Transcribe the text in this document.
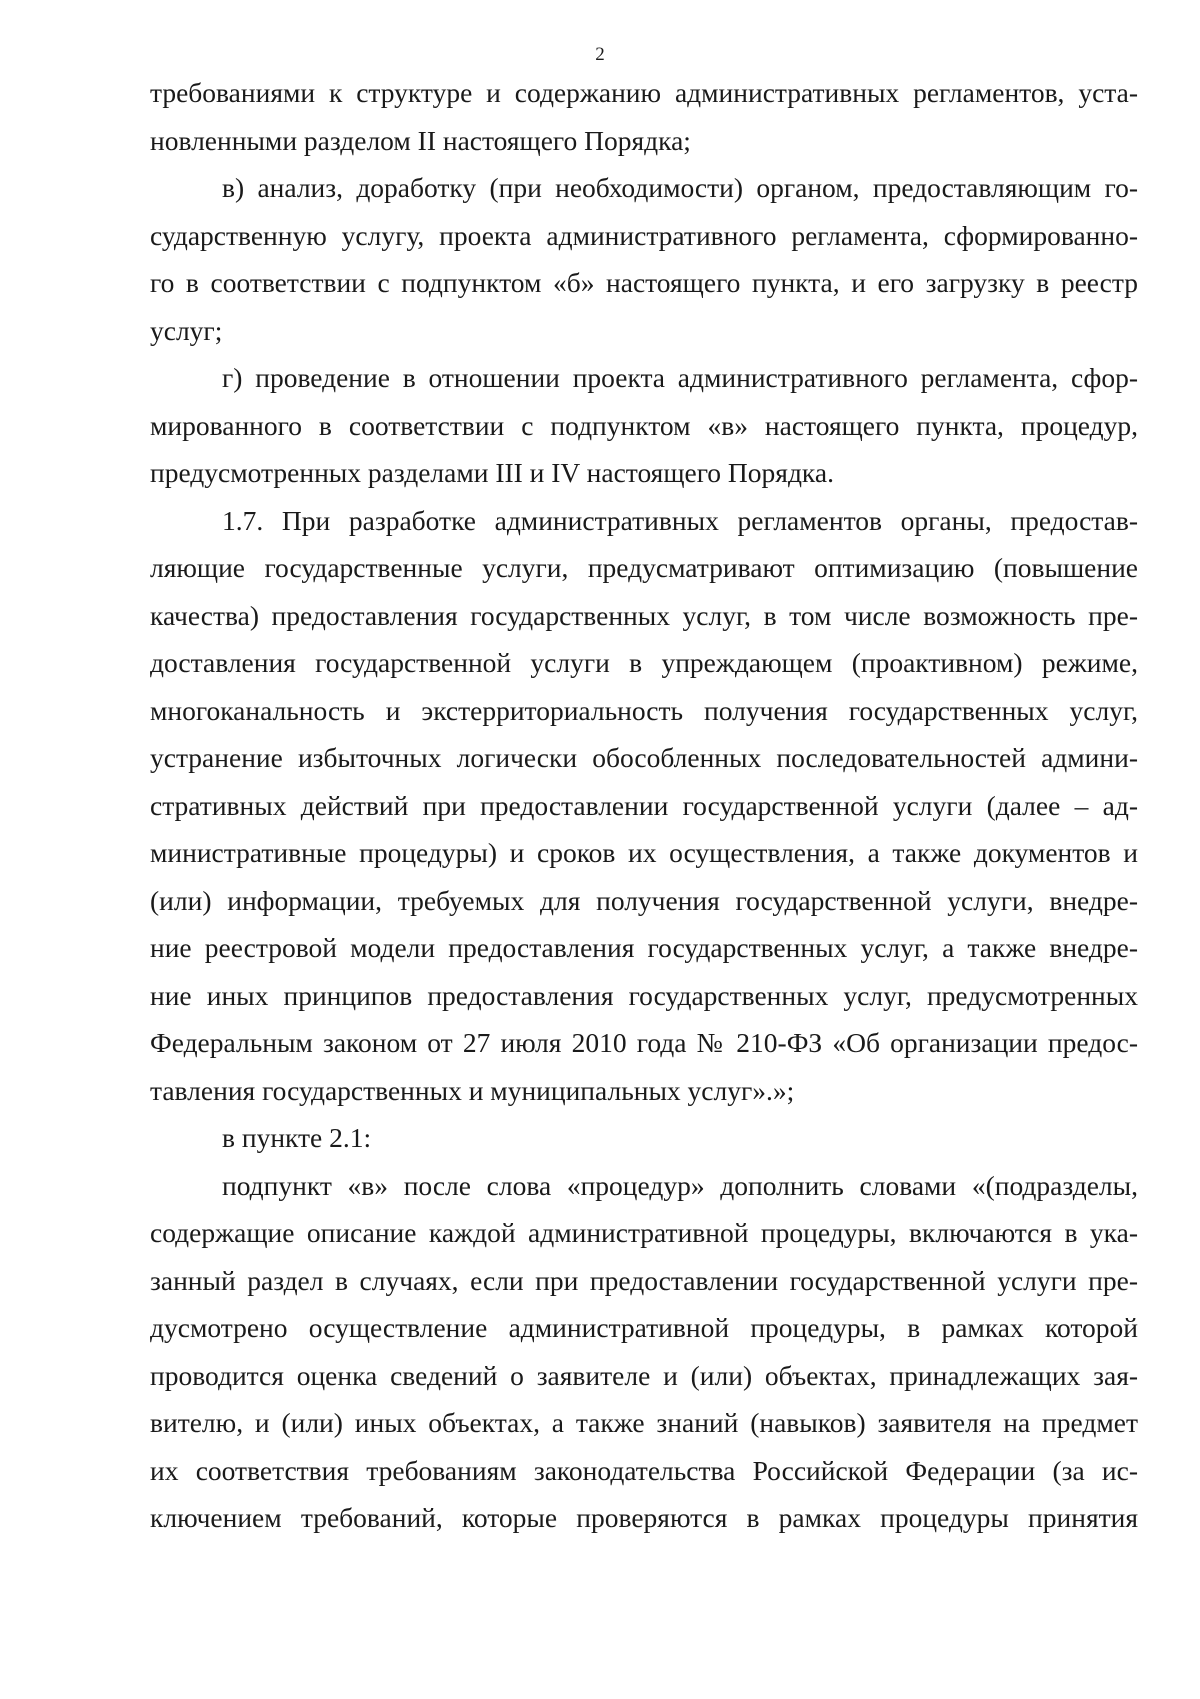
2

требованиями к структуре и содержанию административных регламентов, уста-
новленными разделом II настоящего Порядка;

в) анализ, доработку (при необходимости) органом, предоставляющим го-
сударственную услугу, проекта административного регламента, сформированно-
го в соответствии с подпунктом «б» настоящего пункта, и его загрузку в реестр
услуг;

г) проведение в отношении проекта административного регламента, сфор-
мированного в соответствии с подпунктом «в» настоящего пункта, процедур,
предусмотренных разделами III и IV настоящего Порядка.

1.7. При разработке административных регламентов органы, предостав-
ляющие государственные услуги, предусматривают оптимизацию (повышение
качества) предоставления государственных услуг, в том числе возможность пре-
доставления государственной услуги в упреждающем (проактивном) режиме,
многоканальность и экстерриториальность получения государственных услуг,
устранение избыточных логически обособленных последовательностей админи-
стративных действий при предоставлении государственной услуги (далее – ад-
министративные процедуры) и сроков их осуществления, а также документов и
(или) информации, требуемых для получения государственной услуги, внедре-
ние реестровой модели предоставления государственных услуг, а также внедре-
ние иных принципов предоставления государственных услуг, предусмотренных
Федеральным законом от 27 июля 2010 года № 210-ФЗ «Об организации предос-
тавления государственных и муниципальных услуг».»;

в пункте 2.1:

подпункт «в» после слова «процедур» дополнить словами «(подразделы,
содержащие описание каждой административной процедуры, включаются в ука-
занный раздел в случаях, если при предоставлении государственной услуги пре-
дусмотрено осуществление административной процедуры, в рамках которой
проводится оценка сведений о заявителе и (или) объектах, принадлежащих зая-
вителю, и (или) иных объектах, а также знаний (навыков) заявителя на предмет
их соответствия требованиям законодательства Российской Федерации (за ис-
ключением требований, которые проверяются в рамках процедуры принятия
